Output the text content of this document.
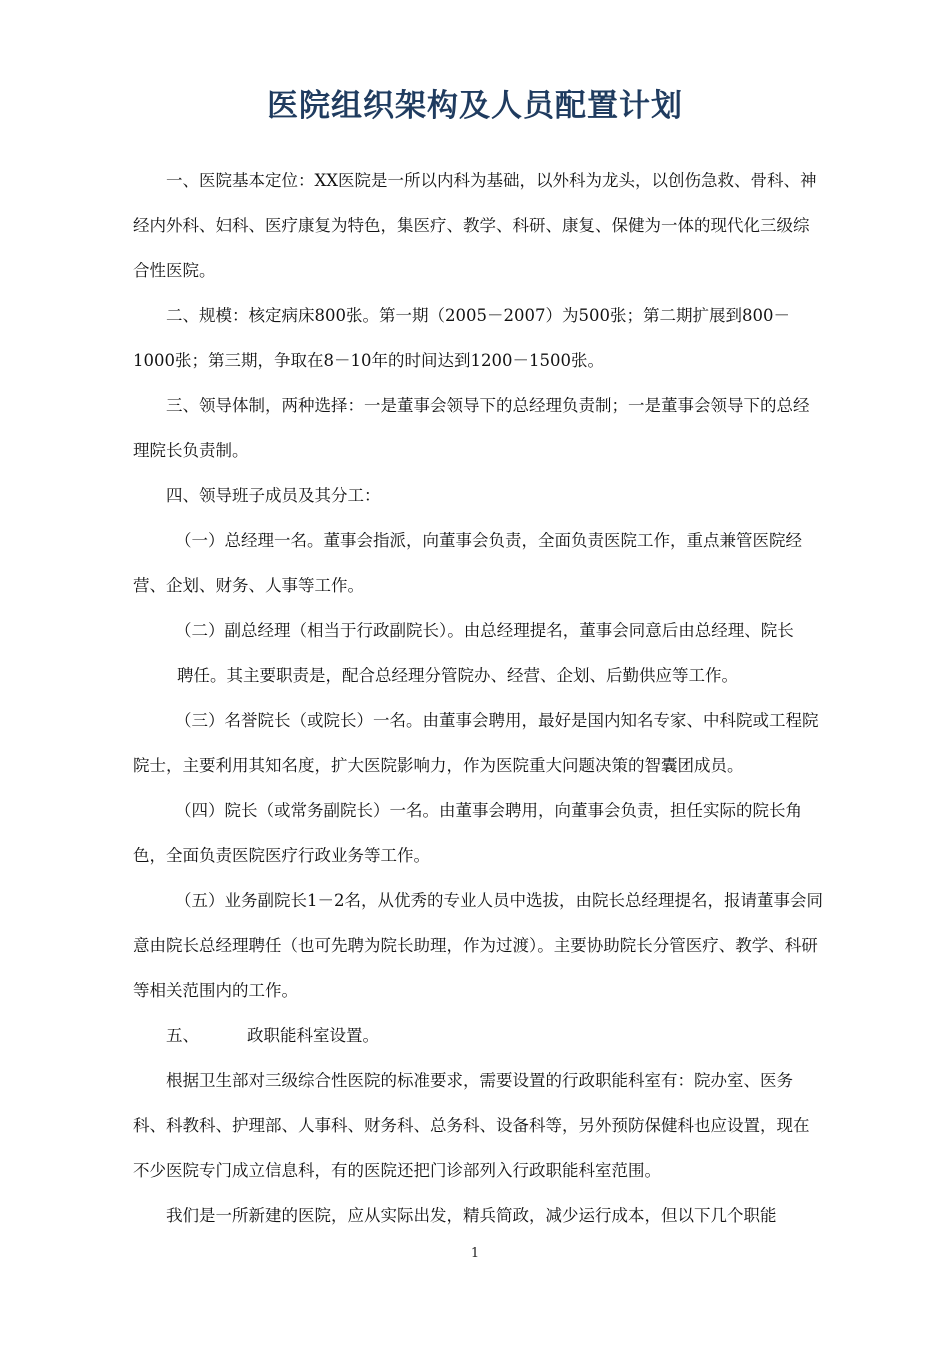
医院组织架构及人员配置计划

一、医院基本定位：XX医院是一所以内科为基础，以外科为龙头，以创伤急救、骨科、神经内外科、妇科、医疗康复为特色，集医疗、教学、科研、康复、保健为一体的现代化三级综合性医院。

二、规模：核定病床800张。第一期（2005－2007）为500张；第二期扩展到800－1000张；第三期，争取在8－10年的时间达到1200－1500张。

三、领导体制，两种选择：一是董事会领导下的总经理负责制；一是董事会领导下的总经理院长负责制。

四、领导班子成员及其分工：

（一）总经理一名。董事会指派，向董事会负责，全面负责医院工作，重点兼管医院经营、企划、财务、人事等工作。

（二）副总经理（相当于行政副院长）。由总经理提名，董事会同意后由总经理、院长

聘任。其主要职责是，配合总经理分管院办、经营、企划、后勤供应等工作。

（三）名誉院长（或院长）一名。由董事会聘用，最好是国内知名专家、中科院或工程院院士，主要利用其知名度，扩大医院影响力，作为医院重大问题决策的智囊团成员。

（四）院长（或常务副院长）一名。由董事会聘用，向董事会负责，担任实际的院长角色，全面负责医院医疗行政业务等工作。

（五）业务副院长1－2名，从优秀的专业人员中选拔，由院长总经理提名，报请董事会同意由院长总经理聘任（也可先聘为院长助理，作为过渡）。主要协助院长分管医疗、教学、科研等相关范围内的工作。

五、	政职能科室设置。

根据卫生部对三级综合性医院的标准要求，需要设置的行政职能科室有：院办室、医务科、科教科、护理部、人事科、财务科、总务科、设备科等，另外预防保健科也应设置，现在不少医院专门成立信息科，有的医院还把门诊部列入行政职能科室范围。

我们是一所新建的医院，应从实际出发，精兵简政，减少运行成本，但以下几个职能

1
